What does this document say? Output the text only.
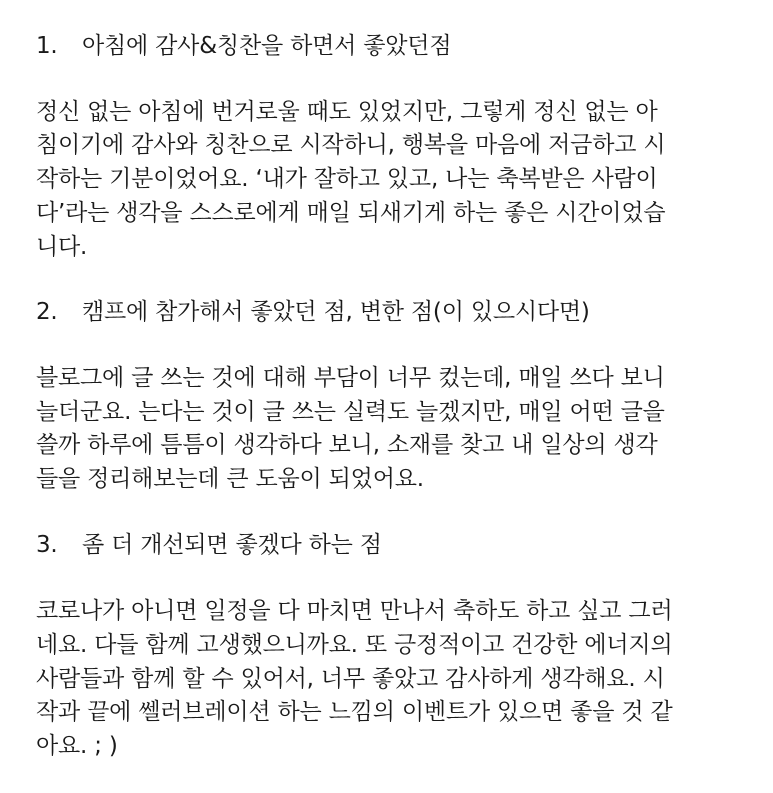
1. 아침에 감사&칭찬을 하면서 좋았던점
정신 없는 아침에 번거로울 때도 있었지만, 그렇게 정신 없는 아
침이기에 감사와 칭찬으로 시작하니, 행복을 마음에 저금하고 시
작하는 기분이었어요. ‘내가 잘하고 있고, 나는 축복받은 사람이
다’라는 생각을 스스로에게 매일 되새기게 하는 좋은 시간이었습
니다.
2. 캠프에 참가해서 좋았던 점, 변한 점(이 있으시다면)
블로그에 글 쓰는 것에 대해 부담이 너무 컸는데, 매일 쓰다 보니
늘더군요. 는다는 것이 글 쓰는 실력도 늘겠지만, 매일 어떤 글을
쓸까 하루에 틈틈이 생각하다 보니, 소재를 찾고 내 일상의 생각
들을 정리해보는데 큰 도움이 되었어요.
3. 좀 더 개선되면 좋겠다 하는 점
코로나가 아니면 일정을 다 마치면 만나서 축하도 하고 싶고 그러
네요. 다들 함께 고생했으니까요. 또 긍정적이고 건강한 에너지의
사람들과 함께 할 수 있어서, 너무 좋았고 감사하게 생각해요. 시
작과 끝에 쎌러브레이션 하는 느낌의 이벤트가 있으면 좋을 것 같
아요. ; )
